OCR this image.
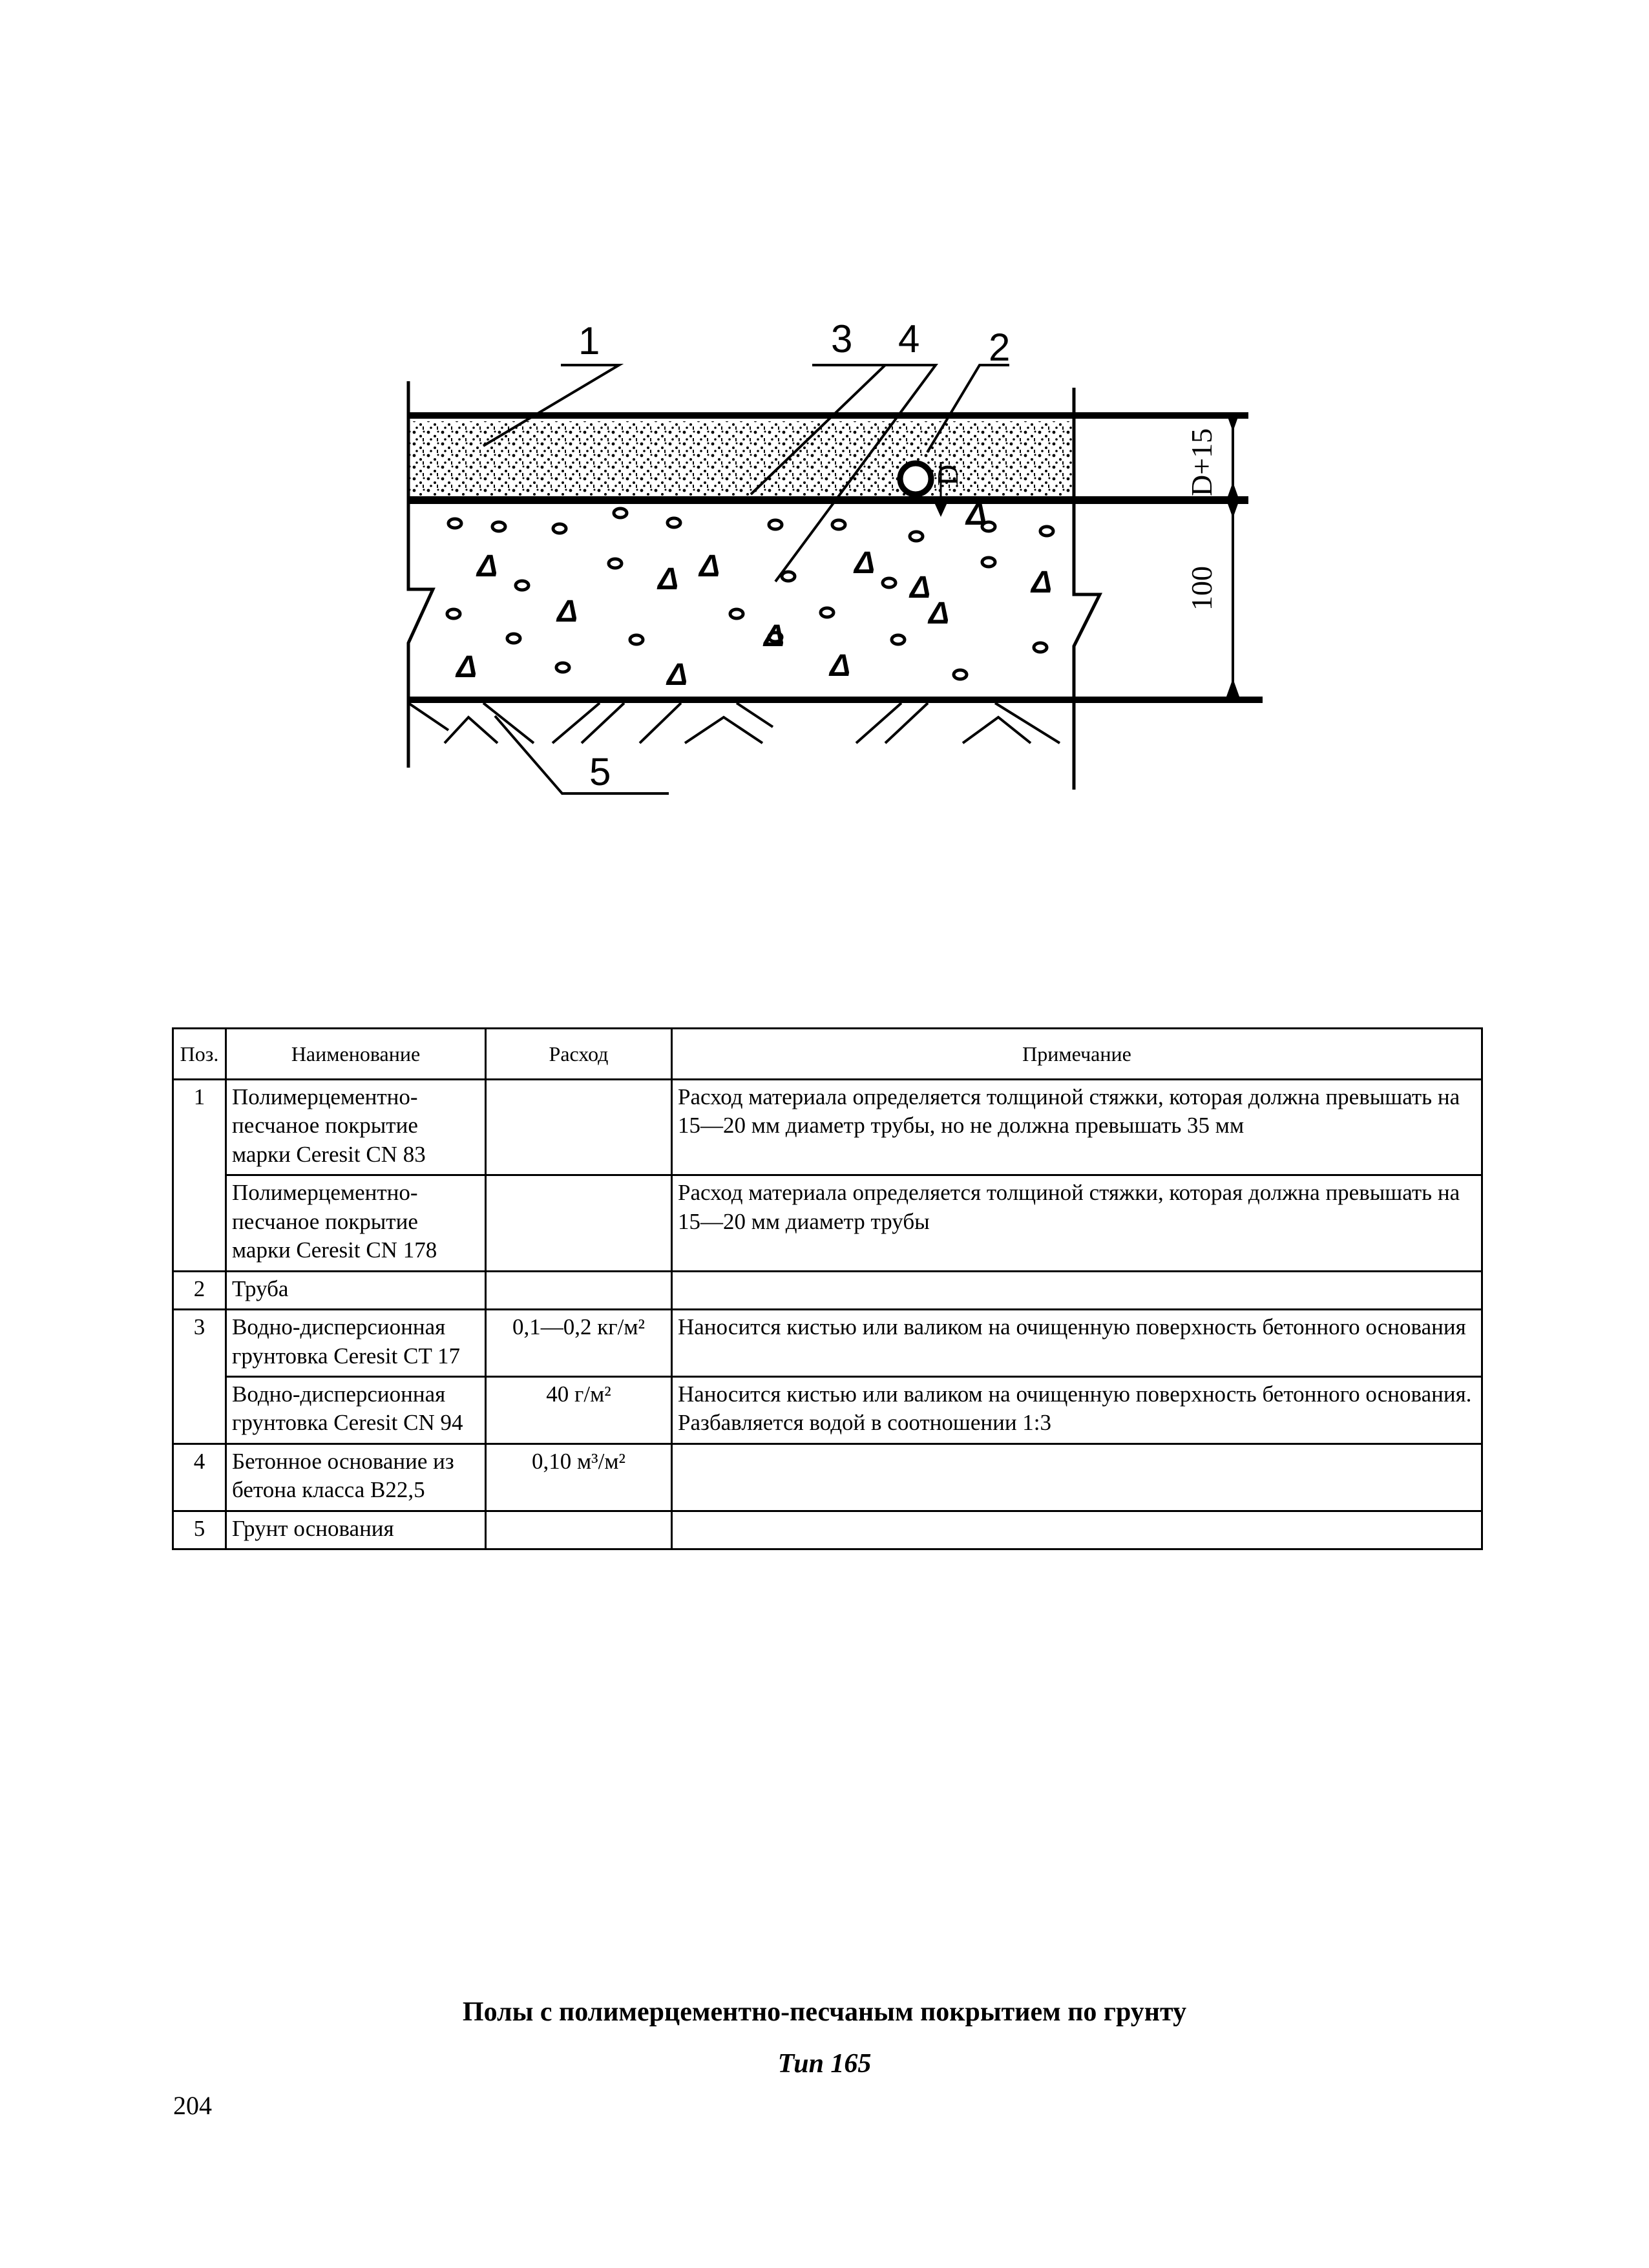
D
Δ	Δ Δ	Δ
Δ
Δ	Δ
Δ
Δ
Δ
Δ	Δ	Δ
D+15
100
1	3 4 2
5
Поз.	Наименование	Расход	Примечание
1	Полимерцементно-песчаное покрытие марки Ceresit CN 83		Расход материала определяется толщиной стяжки, которая должна превышать на 15—20 мм диаметр трубы, но не должна превышать 35 мм
	Полимерцементно-песчаное покрытие марки Ceresit CN 178		Расход материала определяется толщиной стяжки, которая должна превышать на 15—20 мм диаметр трубы
2	Труба		
3	Водно-дисперсионная грунтовка Ceresit CT 17	0,1—0,2 кг/м²	Наносится кистью или валиком на очищенную поверхность бетонного основания
	Водно-дисперсионная грунтовка Ceresit CN 94	40 г/м²	Наносится кистью или валиком на очищенную поверхность бетонного основания. Разбавляется водой в соотношении 1:3
4	Бетонное основание из бетона класса B22,5	0,10 м³/м²	
5	Грунт основания		
Полы с полимерцементно-песчаным покрытием по грунту
Тип 165
204
